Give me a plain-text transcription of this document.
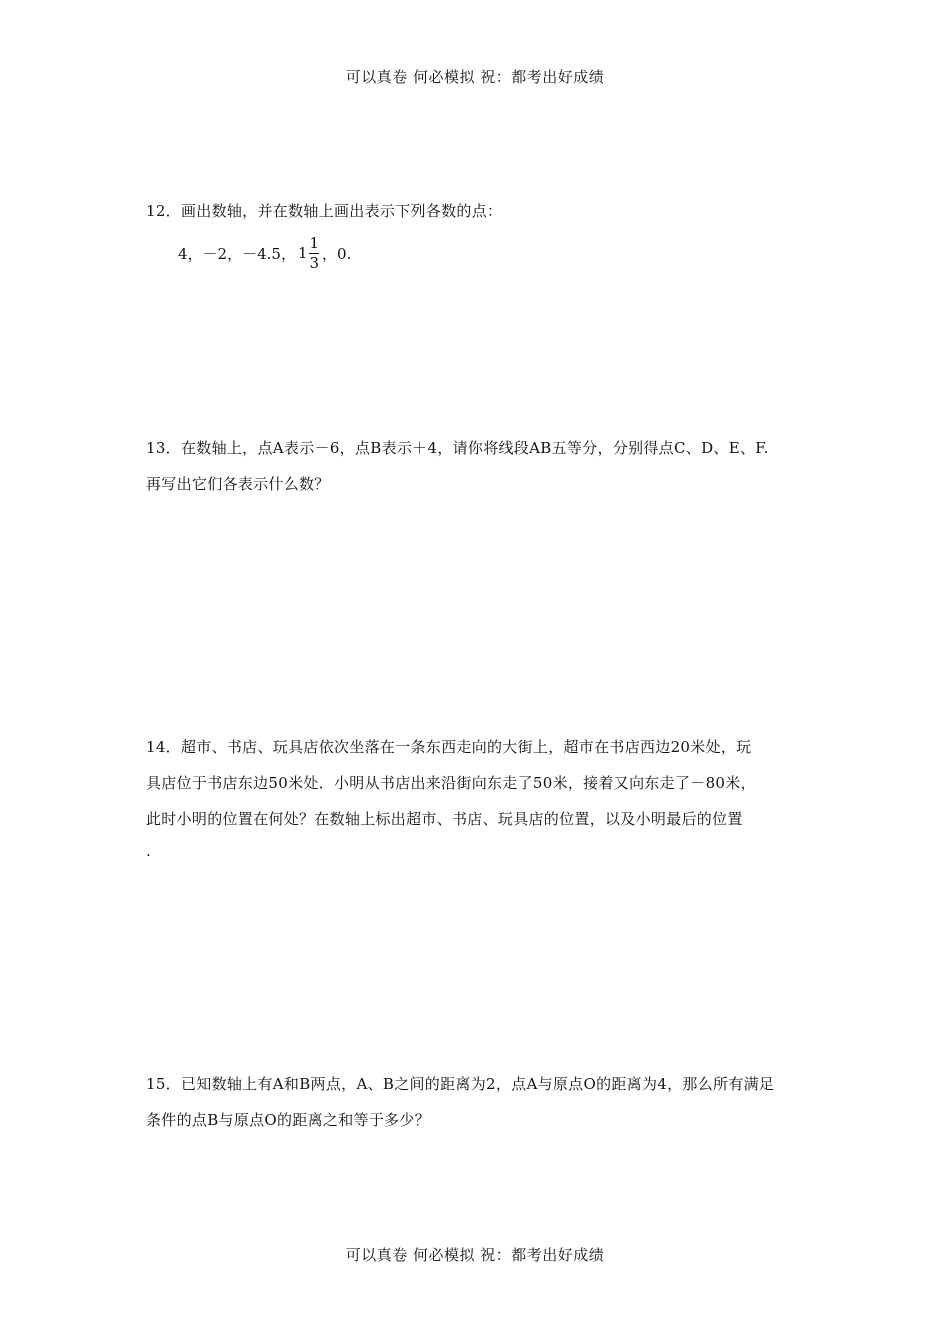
可以真卷 何必模拟 祝：都考出好成绩
12．画出数轴，并在数轴上画出表示下列各数的点：
4，－2，－4.5， $1 \frac{1}{3}$ ，0.
13．在数轴上，点A表示－6，点B表示＋4，请你将线段AB五等分，分别得点C、D、E、F.
再写出它们各表示什么数？
14．超市、书店、玩具店依次坐落在一条东西走向的大街上，超市在书店西边20米处，玩
具店位于书店东边50米处．小明从书店出来沿街向东走了50米，接着又向东走了－80米，
此时小明的位置在何处？在数轴上标出超市、书店、玩具店的位置，以及小明最后的位置
.
15．已知数轴上有A和B两点，A、B之间的距离为2，点A与原点O的距离为4，那么所有满足
条件的点B与原点O的距离之和等于多少？
可以真卷 何必模拟 祝：都考出好成绩
